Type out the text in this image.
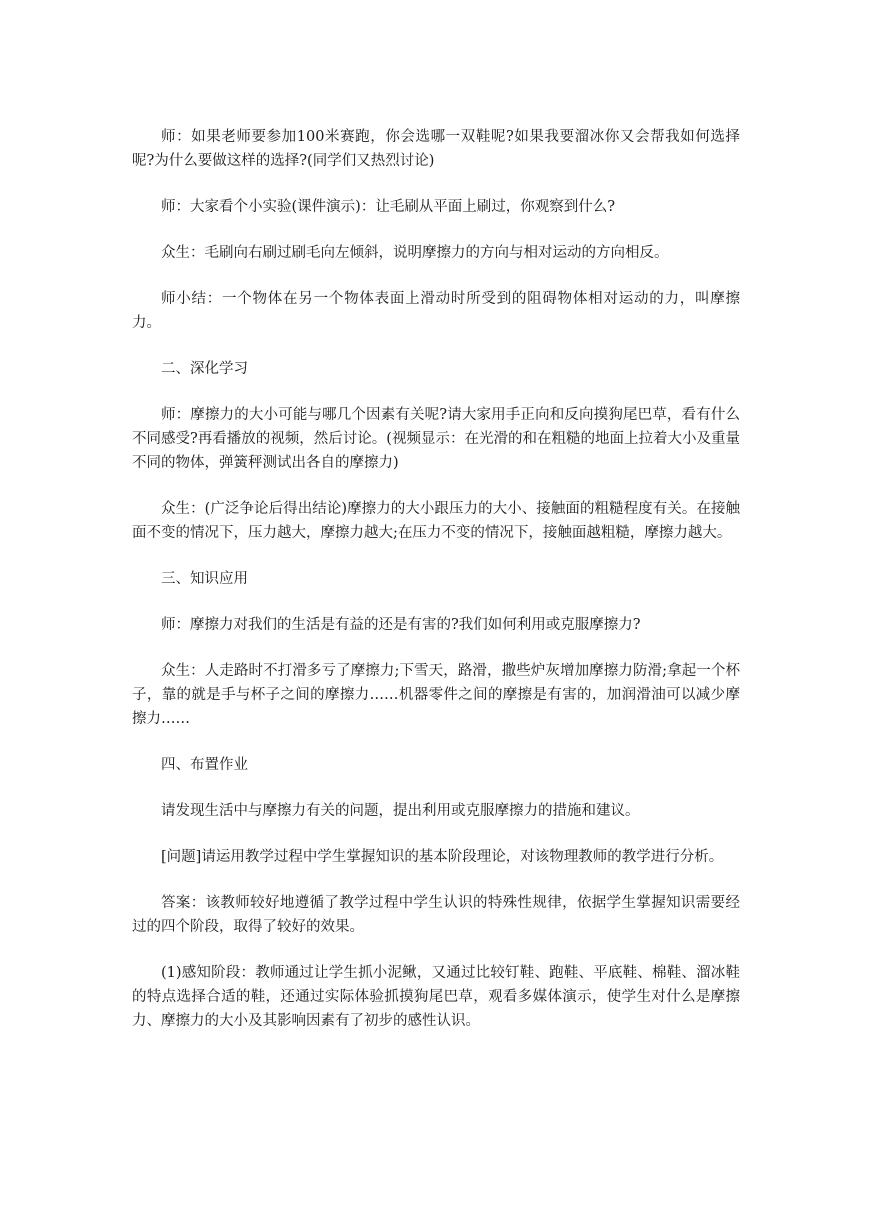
师：如果老师要参加100米赛跑，你会选哪一双鞋呢?如果我要溜冰你又会帮我如何选择呢?为什么要做这样的选择?(同学们又热烈讨论)

师：大家看个小实验(课件演示)：让毛刷从平面上刷过，你观察到什么?

众生：毛刷向右刷过刷毛向左倾斜，说明摩擦力的方向与相对运动的方向相反。

师小结：一个物体在另一个物体表面上滑动时所受到的阻碍物体相对运动的力，叫摩擦力。

二、深化学习

师：摩擦力的大小可能与哪几个因素有关呢?请大家用手正向和反向摸狗尾巴草，看有什么不同感受?再看播放的视频，然后讨论。(视频显示：在光滑的和在粗糙的地面上拉着大小及重量不同的物体，弹簧秤测试出各自的摩擦力)

众生：(广泛争论后得出结论)摩擦力的大小跟压力的大小、接触面的粗糙程度有关。在接触面不变的情况下，压力越大，摩擦力越大;在压力不变的情况下，接触面越粗糙，摩擦力越大。

三、知识应用

师：摩擦力对我们的生活是有益的还是有害的?我们如何利用或克服摩擦力?

众生：人走路时不打滑多亏了摩擦力;下雪天，路滑，撒些炉灰增加摩擦力防滑;拿起一个杯子，靠的就是手与杯子之间的摩擦力……机器零件之间的摩擦是有害的，加润滑油可以减少摩擦力……

四、布置作业

请发现生活中与摩擦力有关的问题，提出利用或克服摩擦力的措施和建议。

[问题]请运用教学过程中学生掌握知识的基本阶段理论，对该物理教师的教学进行分析。

答案：该教师较好地遵循了教学过程中学生认识的特殊性规律，依据学生掌握知识需要经过的四个阶段，取得了较好的效果。

(1)感知阶段：教师通过让学生抓小泥鳅，又通过比较钉鞋、跑鞋、平底鞋、棉鞋、溜冰鞋的特点选择合适的鞋，还通过实际体验抓摸狗尾巴草，观看多媒体演示，使学生对什么是摩擦力、摩擦力的大小及其影响因素有了初步的感性认识。
